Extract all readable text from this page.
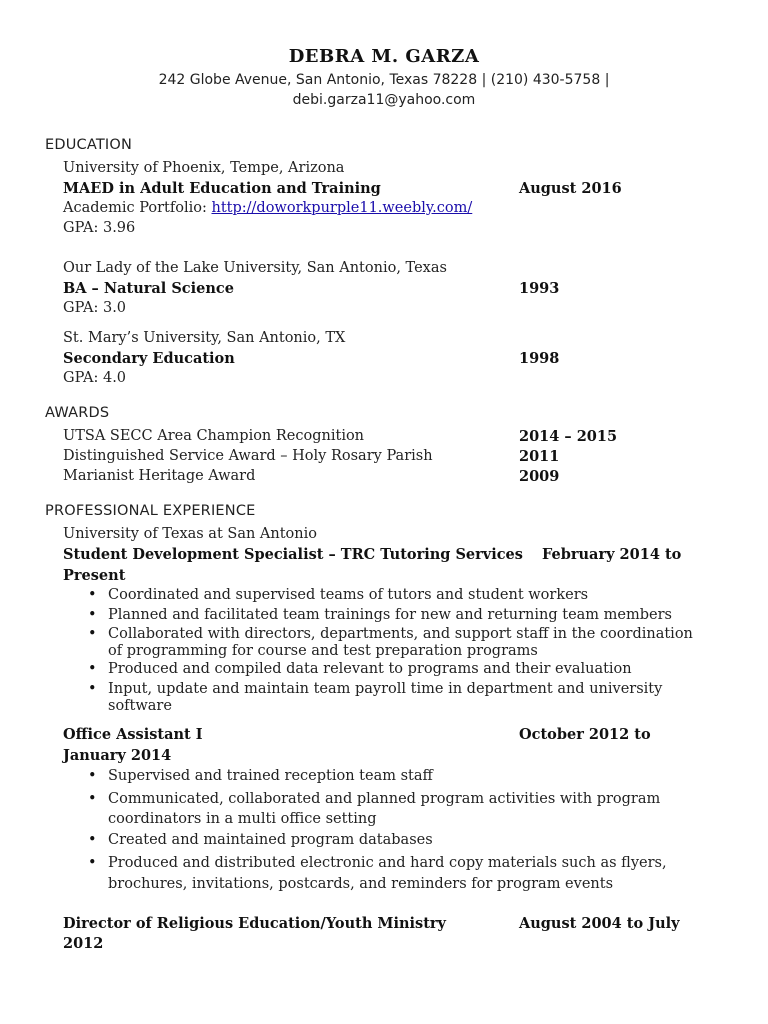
DEBRA M. GARZA
242 Globe Avenue, San Antonio, Texas 78228 | (210) 430-5758 |
debi.garza11@yahoo.com
EDUCATION
University of Phoenix, Tempe, Arizona
MAED in Adult Education and Training	August 2016
Academic Portfolio: http://doworkpurple11.weebly.com/
GPA: 3.96
Our Lady of the Lake University, San Antonio, Texas
BA – Natural Science	1993
GPA: 3.0
St. Mary’s University, San Antonio, TX
Secondary Education	1998
GPA: 4.0
AWARDS
UTSA SECC Area Champion Recognition	2014 – 2015
Distinguished Service Award – Holy Rosary Parish	2011
Marianist Heritage Award	2009
PROFESSIONAL EXPERIENCE
University of Texas at San Antonio
Student Development Specialist – TRC Tutoring Services February 2014 to
Present
• Coordinated and supervised teams of tutors and student workers
• Planned and facilitated team trainings for new and returning team members
• Collaborated with directors, departments, and support staff in the coordination
of programming for course and test preparation programs
• Produced and compiled data relevant to programs and their evaluation
• Input, update and maintain team payroll time in department and university
software
Office Assistant I	October 2012 to
January 2014
• Supervised and trained reception team staff
• Communicated, collaborated and planned program activities with program
coordinators in a multi office setting
• Created and maintained program databases
• Produced and distributed electronic and hard copy materials such as flyers,
brochures, invitations, postcards, and reminders for program events
Director of Religious Education/Youth Ministry	August 2004 to July
2012
